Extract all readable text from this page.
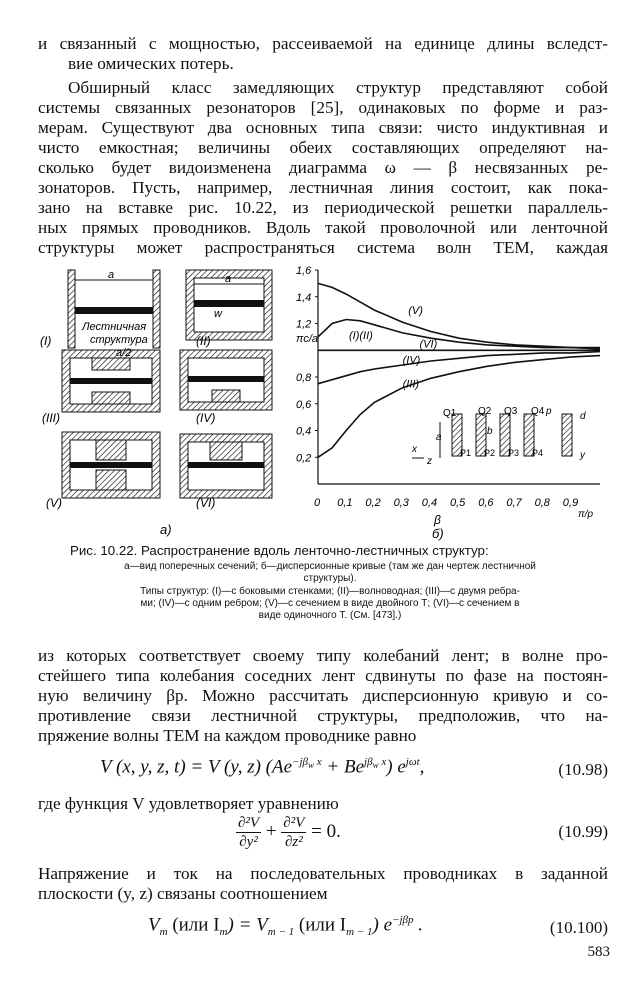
и связанный с мощностью, рассеиваемой на единице длины вследст-
вие омических потерь.
Обширный класс замедляющих структур представляют собой
системы связанных резонаторов [25], одинаковых по форме и раз-
мерам. Существуют два основных типа связи: чисто индуктивная и
чисто емкостная; величины обеих составляющих определяют на-
сколько будет видоизменена диаграмма ω — β несвязанных ре-
зонаторов. Пусть, например, лестничная линия состоит, как пока-
зано на вставке рис. 10.22, из периодической решетки параллель-
ных прямых проводников. Вдоль такой проволочной или ленточной
структуры может распространяться система волн ТЕМ, каждая
a
Лестничная
структура
(I)
a
w
(II)
a/2
(III)	(IV)
(V)	(VI)
а)
(V)
(I)(II)
(VI)
(IV)
(III)
0 0,1 0,2 0,3 0,4 0,5 0,6 0,7 0,8 0,9
0,2
0,4
0,6
0,8
1,2
1,4
1,6
πc/a
β	π/p
б)
Q1 Q2 Q3 Q4
P1 P2 P3 P4
p	d
b
a
y
x
z
Рис. 10.22. Распространение вдоль ленточно-лестничных структур:
а—вид поперечных сечений; б—дисперсионные кривые (там же дан чертеж лестничной
структуры).
Типы структур: (I)—с боковыми стенками; (II)—волноводная; (III)—с двумя ребра-
ми; (IV)—с одним ребром; (V)—с сечением в виде двойного Т; (VI)—с сечением в
виде одиночного Т. (См. [473].)
из которых соответствует своему типу колебаний лент; в волне про-
стейшего типа колебания соседних лент сдвинуты по фазе на постоян-
ную величину βp. Можно рассчитать дисперсионную кривую и со-
противление связи лестничной структуры, предположив, что на-
пряжение волны ТЕМ на каждом проводнике равно
V (x, y, z, t) = V (y, z) $(Ae^{-j\beta_w x} + Be^{j\beta_w x})$ $e^{j\omega t}$,	(10.98)
где функция V удовлетворяет уравнению
$\frac{\text{∂²V}}{\text{∂y²}} + \frac{\text{∂²V}}{\text{∂z²}} = 0$.	(10.99)
Напряжение и ток на последовательных проводниках в заданной
плоскости (y, z) связаны соотношением
$V_m$ (или $I_m) = V_{m - 1}$ (или $I_{m - 1}$) $e^{-j\beta p}$ .	(10.100)
583
